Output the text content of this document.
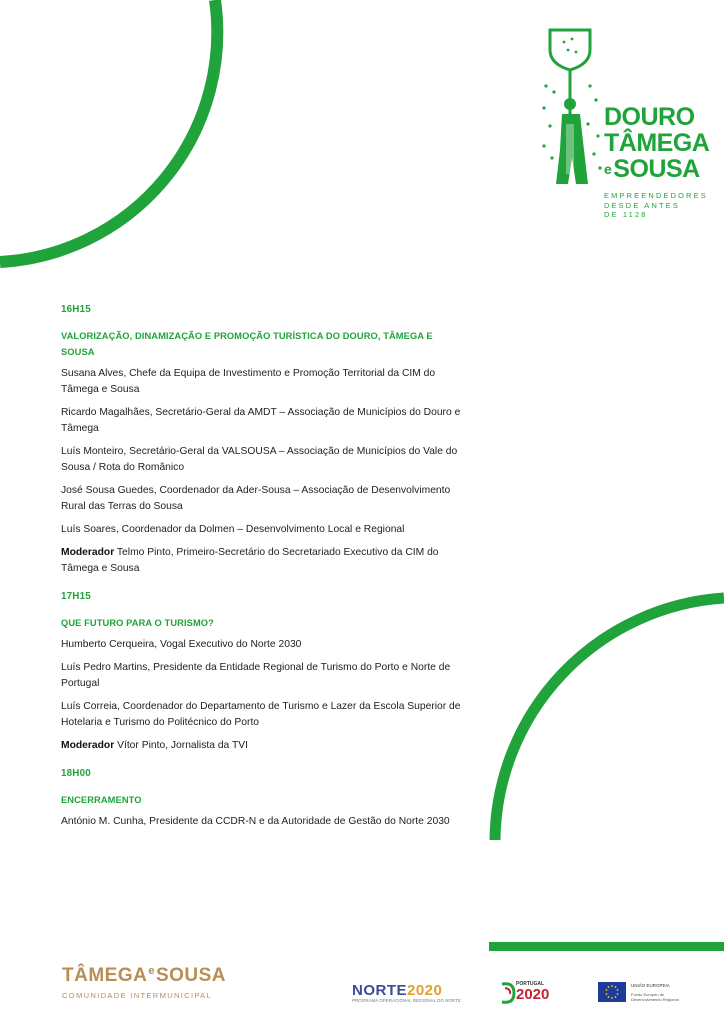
DOURO
TÂMEGA
eSOUSA
EMPREENDEDORES
DESDE ANTES
DE 1128
16H15
VALORIZAÇÃO, DINAMIZAÇÃO E PROMOÇÃO TURÍSTICA DO DOURO, TÂMEGA E SOUSA
Susana Alves, Chefe da Equipa de Investimento e Promoção Territorial da CIM do Tâmega e Sousa
Ricardo Magalhães, Secretário-Geral da AMDT – Associação de Municípios do Douro e Tâmega
Luís Monteiro, Secretário-Geral da VALSOUSA – Associação de Municípios do Vale do Sousa / Rota do Românico
José Sousa Guedes, Coordenador da Ader-Sousa – Associação de Desenvolvimento Rural das Terras do Sousa
Luís Soares, Coordenador da Dolmen – Desenvolvimento Local e Regional
Moderador Telmo Pinto, Primeiro-Secretário do Secretariado Executivo da CIM do Tâmega e Sousa
17H15
QUE FUTURO PARA O TURISMO?
Humberto Cerqueira, Vogal Executivo do Norte 2030
Luís Pedro Martins, Presidente da Entidade Regional de Turismo do Porto e Norte de Portugal
Luís Correia, Coordenador do Departamento de Turismo e Lazer da Escola Superior de Hotelaria e Turismo do Politécnico do Porto
Moderador Vítor Pinto, Jornalista da TVI
18H00
ENCERRAMENTO
António M. Cunha, Presidente da CCDR-N e da Autoridade de Gestão do Norte 2030
TÂMEGA$^e$SOUSA
COMUNIDADE INTERMUNICIPAL	NORTE2020
PROGRAMA OPERACIONAL REGIONAL DO NORTE
PORTUGAL
2020
UNIÃO EUROPEIA
Fundo Europeu de Desenvolvimento Regional
